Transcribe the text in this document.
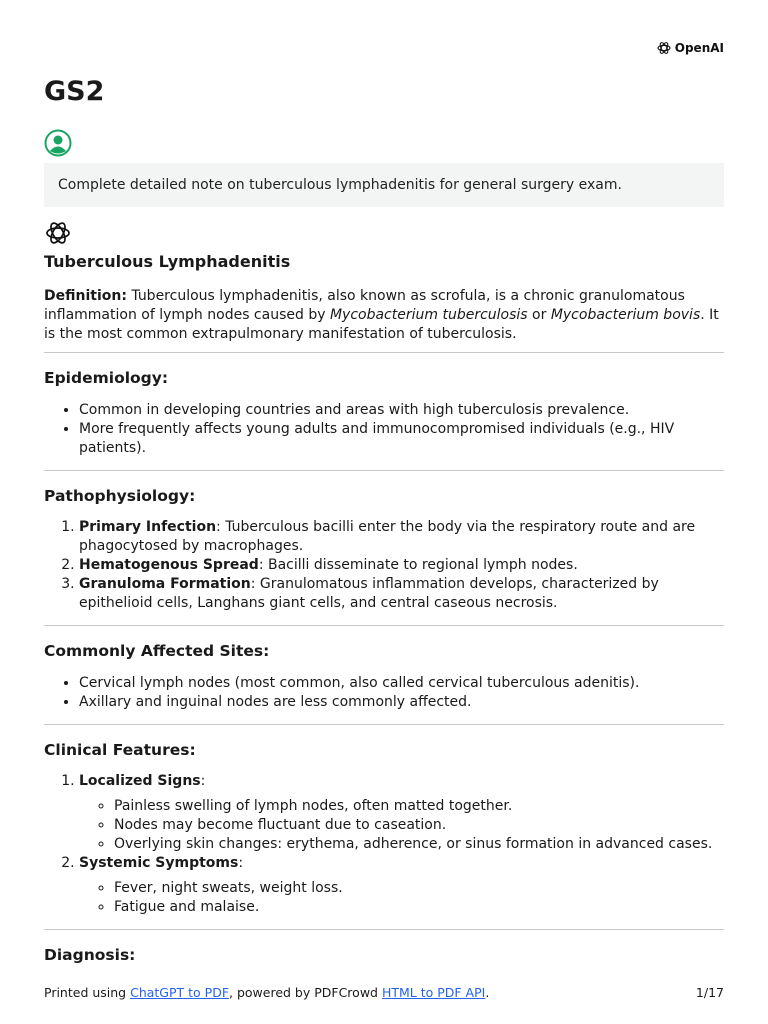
OpenAI
GS2
Complete detailed note on tuberculous lymphadenitis for general surgery exam.
Tuberculous Lymphadenitis

Definition: Tuberculous lymphadenitis, also known as scrofula, is a chronic granulomatous inflammation of lymph nodes caused by Mycobacterium tuberculosis or Mycobacterium bovis. It is the most common extrapulmonary manifestation of tuberculosis.

Epidemiology:
• Common in developing countries and areas with high tuberculosis prevalence.
• More frequently affects young adults and immunocompromised individuals (e.g., HIV patients).
Pathophysiology:
1. Primary Infection: Tuberculous bacilli enter the body via the respiratory route and are phagocytosed by macrophages.
2. Hematogenous Spread: Bacilli disseminate to regional lymph nodes.
3. Granuloma Formation: Granulomatous inflammation develops, characterized by epithelioid cells, Langhans giant cells, and central caseous necrosis.
Commonly Affected Sites:
• Cervical lymph nodes (most common, also called cervical tuberculous adenitis).
• Axillary and inguinal nodes are less commonly affected.
Clinical Features:
1. Localized Signs:
◦ Painless swelling of lymph nodes, often matted together.
◦ Nodes may become fluctuant due to caseation.
◦ Overlying skin changes: erythema, adherence, or sinus formation in advanced cases.
2. Systemic Symptoms:
◦ Fever, night sweats, weight loss.
◦ Fatigue and malaise.
Diagnosis:
Printed using ChatGPT to PDF, powered by PDFCrowd HTML to PDF API.	1/17
